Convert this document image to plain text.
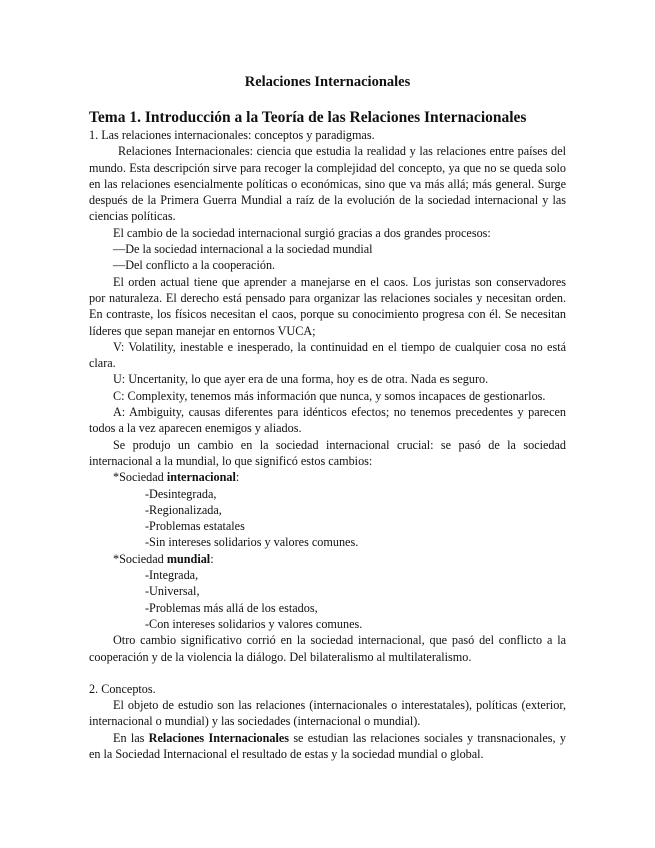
Relaciones Internacionales
Tema 1. Introducción a la Teoría de las Relaciones Internacionales

1. Las relaciones internacionales: conceptos y paradigmas.

Relaciones Internacionales: ciencia que estudia la realidad y las relaciones entre países del mundo. Esta descripción sirve para recoger la complejidad del concepto, ya que no se queda solo en las relaciones esencialmente políticas o económicas, sino que va más allá; más general. Surge después de la Primera Guerra Mundial a raíz de la evolución de la sociedad internacional y las ciencias políticas.

El cambio de la sociedad internacional surgió gracias a dos grandes procesos:

—De la sociedad internacional a la sociedad mundial

—Del conflicto a la cooperación.

El orden actual tiene que aprender a manejarse en el caos. Los juristas son conservadores por naturaleza. El derecho está pensado para organizar las relaciones sociales y necesitan orden. En contraste, los físicos necesitan el caos, porque su conocimiento progresa con él. Se necesitan líderes que sepan manejar en entornos VUCA;

V: Volatility, inestable e inesperado, la continuidad en el tiempo de cualquier cosa no está clara.

U: Uncertanity, lo que ayer era de una forma, hoy es de otra. Nada es seguro.

C: Complexity, tenemos más información que nunca, y somos incapaces de gestionarlos.

A: Ambiguity, causas diferentes para idénticos efectos; no tenemos precedentes y parecen todos a la vez aparecen enemigos y aliados.

Se produjo un cambio en la sociedad internacional crucial: se pasó de la sociedad internacional a la mundial, lo que significó estos cambios:

*Sociedad internacional:
-Desintegrada,
-Regionalizada,
-Problemas estatales
-Sin intereses solidarios y valores comunes.
*Sociedad mundial:
-Integrada,
-Universal,
-Problemas más allá de los estados,
-Con intereses solidarios y valores comunes.

Otro cambio significativo corrió en la sociedad internacional, que pasó del conflicto a la cooperación y de la violencia la diálogo. Del bilateralismo al multilateralismo.

2. Conceptos.

El objeto de estudio son las relaciones (internacionales o interestatales), políticas (exterior, internacional o mundial) y las sociedades (internacional o mundial).

En las Relaciones Internacionales se estudian las relaciones sociales y transnacionales, y en la Sociedad Internacional el resultado de estas y la sociedad mundial o global.
